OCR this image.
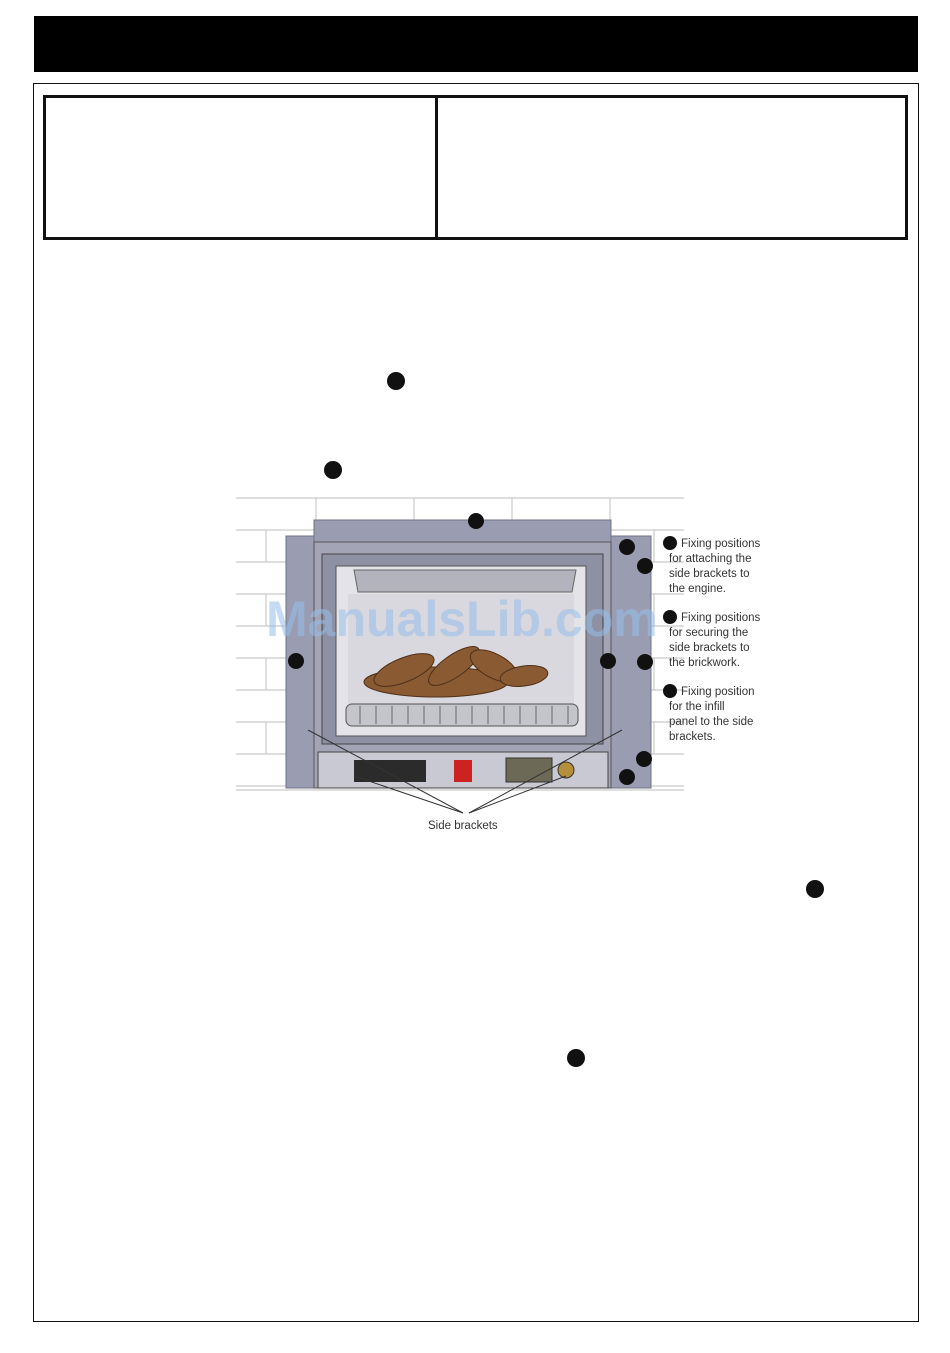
Fixing positions
for attaching the
side brackets to
the engine.
Fixing positions
for securing the
side brackets to
the brickwork.
Fixing position
for the infill
panel to the side
brackets.
Side brackets
ManualsLib.com
